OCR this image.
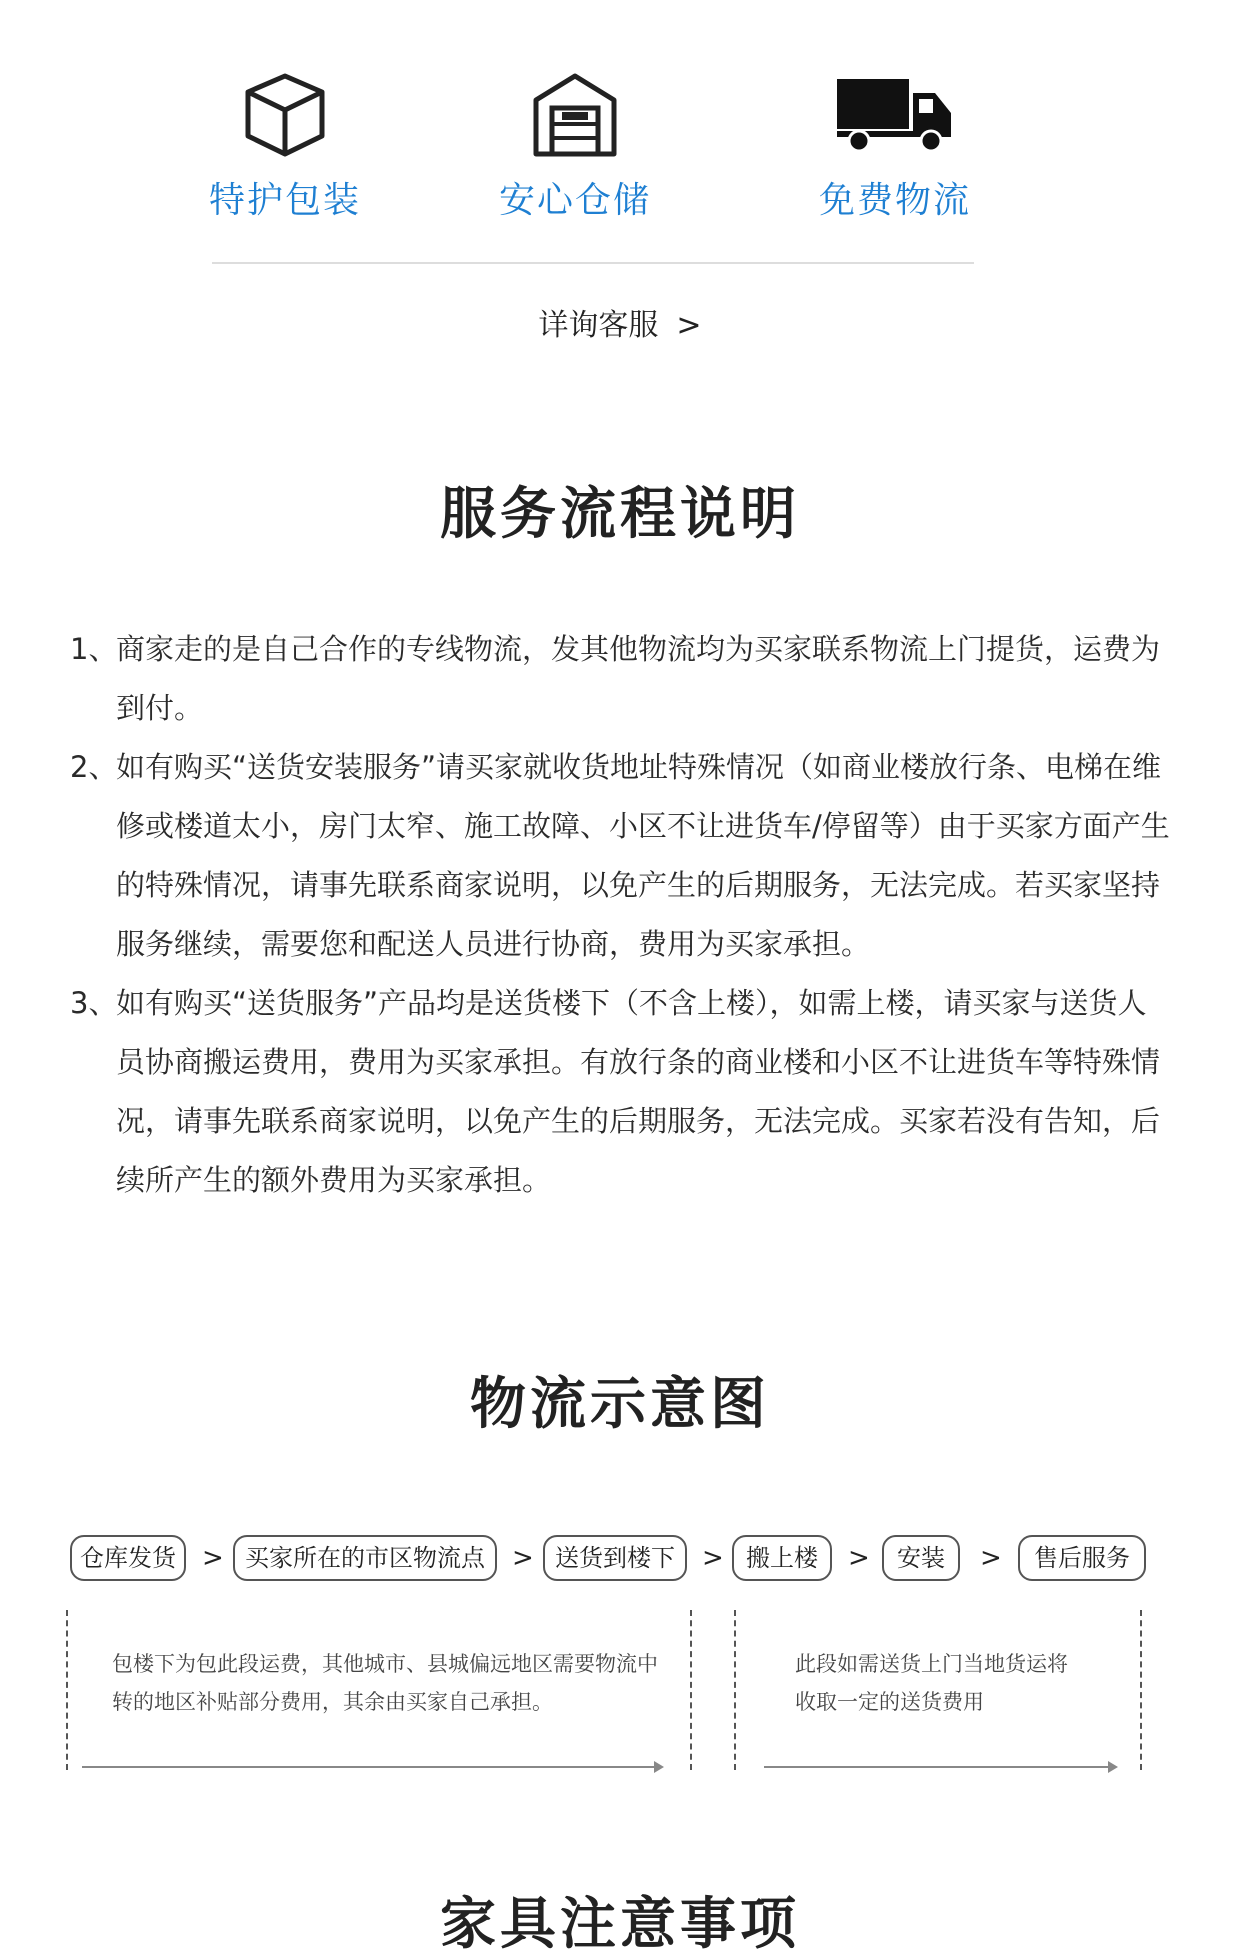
特护包装	安心仓储	免费物流
详询客服 >
服务流程说明
1、
商家走的是自己合作的专线物流，发其他物流均为买家联系物流上门提货，运费为到付。
2、
如有购买“送货安装服务”请买家就收货地址特殊情况（如商业楼放行条、电梯在维修或楼道太小，房门太窄、施工故障、小区不让进货车/停留等）由于买家方面产生的特殊情况，请事先联系商家说明，以免产生的后期服务，无法完成。若买家坚持服务继续，需要您和配送人员进行协商，费用为买家承担。
3、
如有购买“送货服务”产品均是送货楼下（不含上楼），如需上楼，请买家与送货人员协商搬运费用，费用为买家承担。有放行条的商业楼和小区不让进货车等特殊情况，请事先联系商家说明，以免产生的后期服务，无法完成。买家若没有告知，后续所产生的额外费用为买家承担。
物流示意图
仓库发货	> 买家所在的市区物流点	> 送货到楼下	> 搬上楼	>	安装	>	售后服务
包楼下为包此段运费，其他城市、县城偏远地区需要物流中转的地区补贴部分费用，其余由买家自己承担。
此段如需送货上门当地货运将收取一定的送货费用
家具注意事项
